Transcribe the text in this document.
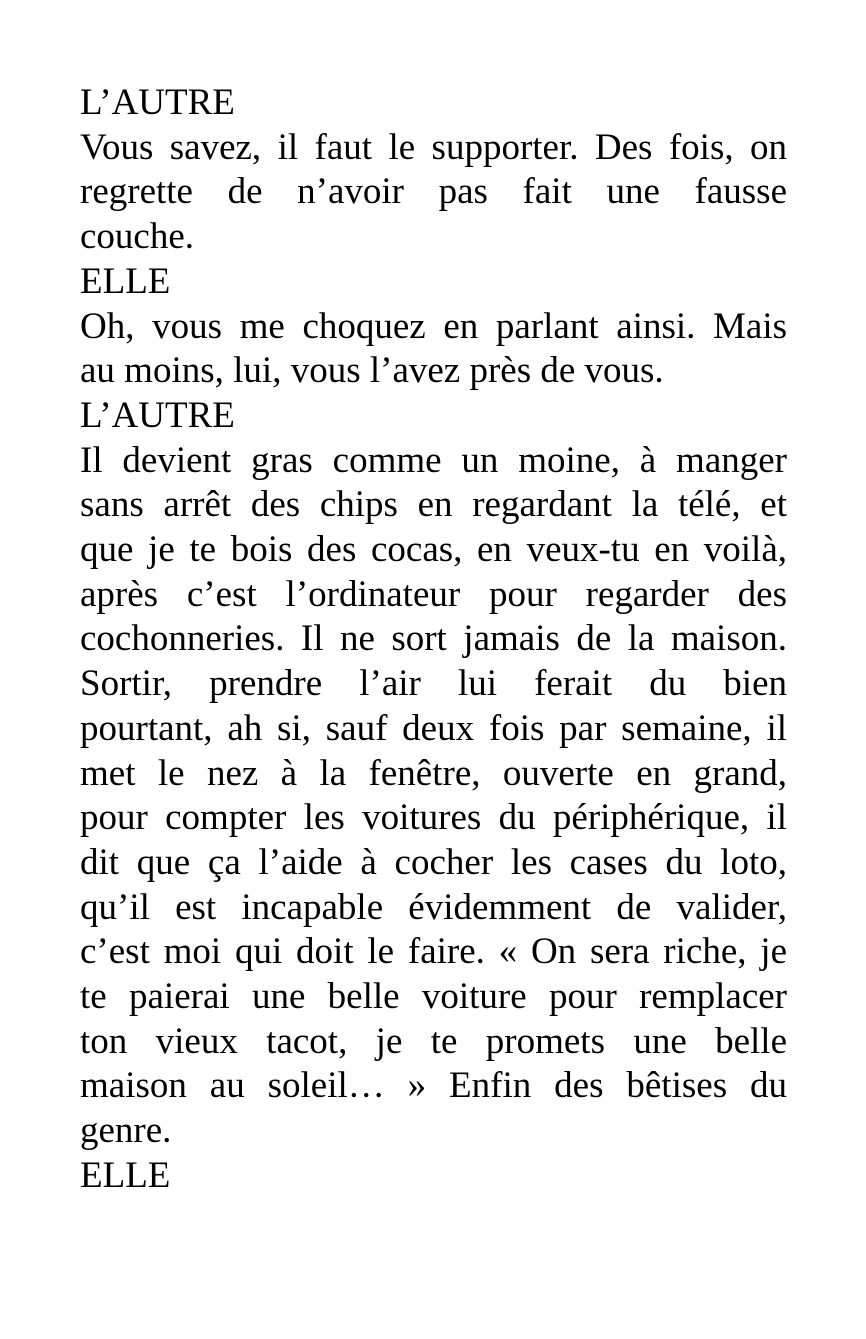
L’AUTRE
Vous savez, il faut le supporter. Des fois, on
regrette de n’avoir pas fait une fausse
couche.
ELLE
Oh, vous me choquez en parlant ainsi. Mais
au moins, lui, vous l’avez près de vous.
L’AUTRE
Il devient gras comme un moine, à manger
sans arrêt des chips en regardant la télé, et
que je te bois des cocas, en veux-tu en voilà,
après c’est l’ordinateur pour regarder des
cochonneries. Il ne sort jamais de la maison.
Sortir, prendre l’air lui ferait du bien
pourtant, ah si, sauf deux fois par semaine, il
met le nez à la fenêtre, ouverte en grand,
pour compter les voitures du périphérique, il
dit que ça l’aide à cocher les cases du loto,
qu’il est incapable évidemment de valider,
c’est moi qui doit le faire. « On sera riche, je
te paierai une belle voiture pour remplacer
ton vieux tacot, je te promets une belle
maison au soleil… » Enfin des bêtises du
genre.
ELLE
